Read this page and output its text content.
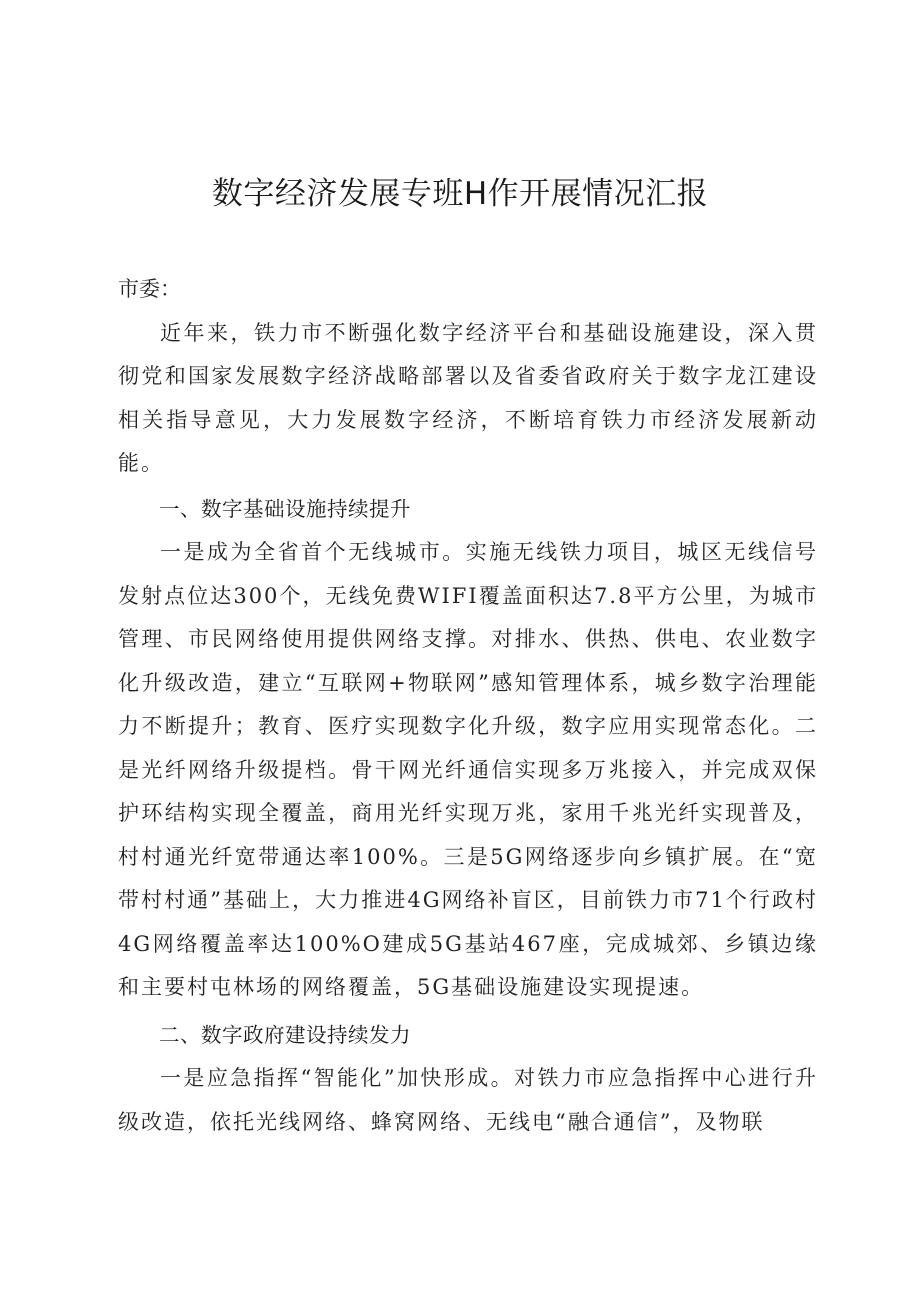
数字经济发展专班H作开展情况汇报

市委：

近年来，铁力市不断强化数字经济平台和基础设施建设，深入贯彻党和国家发展数字经济战略部署以及省委省政府关于数字龙江建设相关指导意见，大力发展数字经济，不断培育铁力市经济发展新动能。

一、数字基础设施持续提升

一是成为全省首个无线城市。实施无线铁力项目，城区无线信号发射点位达300个，无线免费WIFI覆盖面积达7.8平方公里，为城市管理、市民网络使用提供网络支撑。对排水、供热、供电、农业数字化升级改造，建立“互联网+物联网”感知管理体系，城乡数字治理能力不断提升；教育、医疗实现数字化升级，数字应用实现常态化。二是光纤网络升级提档。骨干网光纤通信实现多万兆接入，并完成双保护环结构实现全覆盖，商用光纤实现万兆，家用千兆光纤实现普及，村村通光纤宽带通达率100%。三是5G网络逐步向乡镇扩展。在“宽带村村通”基础上，大力推进4G网络补盲区，目前铁力市71个行政村4G网络覆盖率达100%O建成5G基站467座，完成城郊、乡镇边缘和主要村屯林场的网络覆盖，5G基础设施建设实现提速。

二、数字政府建设持续发力

一是应急指挥“智能化”加快形成。对铁力市应急指挥中心进行升级改造，依托光线网络、蜂窝网络、无线电“融合通信”，及物联
